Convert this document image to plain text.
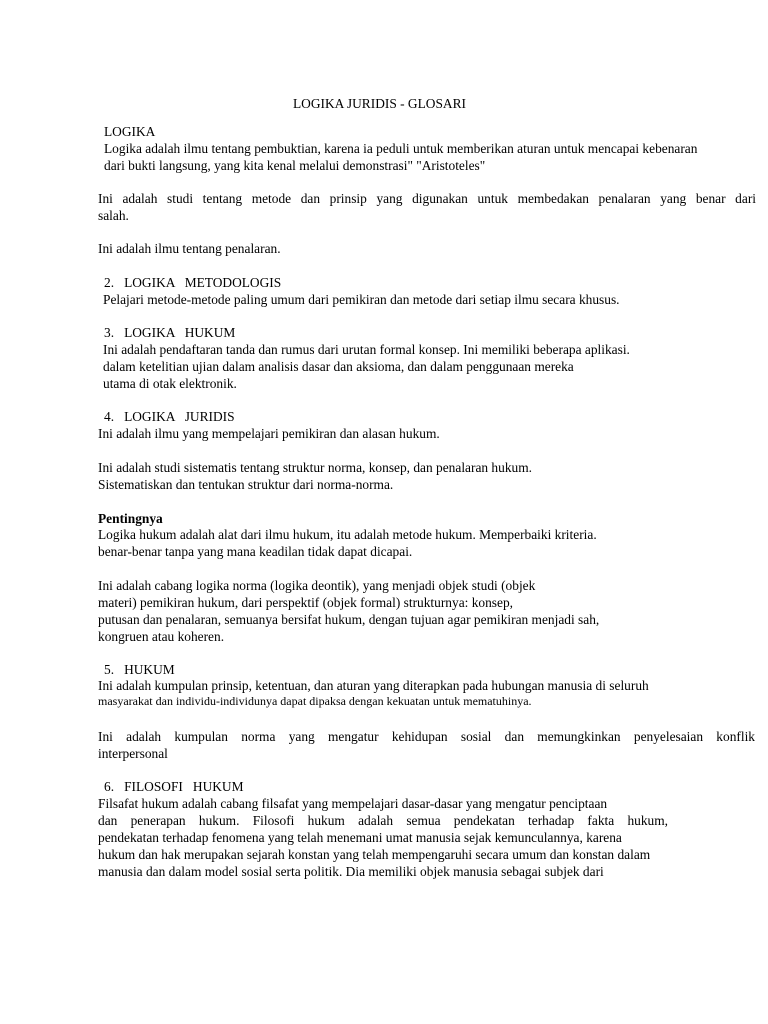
LOGIKA JURIDIS - GLOSARI
LOGIKA
Logika adalah ilmu tentang pembuktian, karena ia peduli untuk memberikan aturan untuk mencapai kebenaran
dari bukti langsung, yang kita kenal melalui demonstrasi" "Aristoteles"
Ini adalah studi tentang metode dan prinsip yang digunakan untuk membedakan penalaran yang benar dari
salah.
Ini adalah ilmu tentang penalaran.
2.   LOGIKA   METODOLOGIS
Pelajari metode-metode paling umum dari pemikiran dan metode dari setiap ilmu secara khusus.
3.   LOGIKA   HUKUM
Ini adalah pendaftaran tanda dan rumus dari urutan formal konsep. Ini memiliki beberapa aplikasi.
dalam ketelitian ujian dalam analisis dasar dan aksioma, dan dalam penggunaan mereka
utama di otak elektronik.
4.   LOGIKA   JURIDIS
Ini adalah ilmu yang mempelajari pemikiran dan alasan hukum.
Ini adalah studi sistematis tentang struktur norma, konsep, dan penalaran hukum.
Sistematiskan dan tentukan struktur dari norma-norma.
Pentingnya
Logika hukum adalah alat dari ilmu hukum, itu adalah metode hukum. Memperbaiki kriteria.
benar-benar tanpa yang mana keadilan tidak dapat dicapai.
Ini adalah cabang logika norma (logika deontik), yang menjadi objek studi (objek
materi) pemikiran hukum, dari perspektif (objek formal) strukturnya: konsep,
putusan dan penalaran, semuanya bersifat hukum, dengan tujuan agar pemikiran menjadi sah,
kongruen atau koheren.
5.   HUKUM
Ini adalah kumpulan prinsip, ketentuan, dan aturan yang diterapkan pada hubungan manusia di seluruh
masyarakat dan individu-individunya dapat dipaksa dengan kekuatan untuk mematuhinya.
Ini adalah kumpulan norma yang mengatur kehidupan sosial dan memungkinkan penyelesaian konflik
interpersonal
6.   FILOSOFI   HUKUM
Filsafat hukum adalah cabang filsafat yang mempelajari dasar-dasar yang mengatur penciptaan
dan penerapan hukum. Filosofi hukum adalah semua pendekatan terhadap fakta hukum,
pendekatan terhadap fenomena yang telah menemani umat manusia sejak kemunculannya, karena
hukum dan hak merupakan sejarah konstan yang telah mempengaruhi secara umum dan konstan dalam
manusia dan dalam model sosial serta politik. Dia memiliki objek manusia sebagai subjek dari
